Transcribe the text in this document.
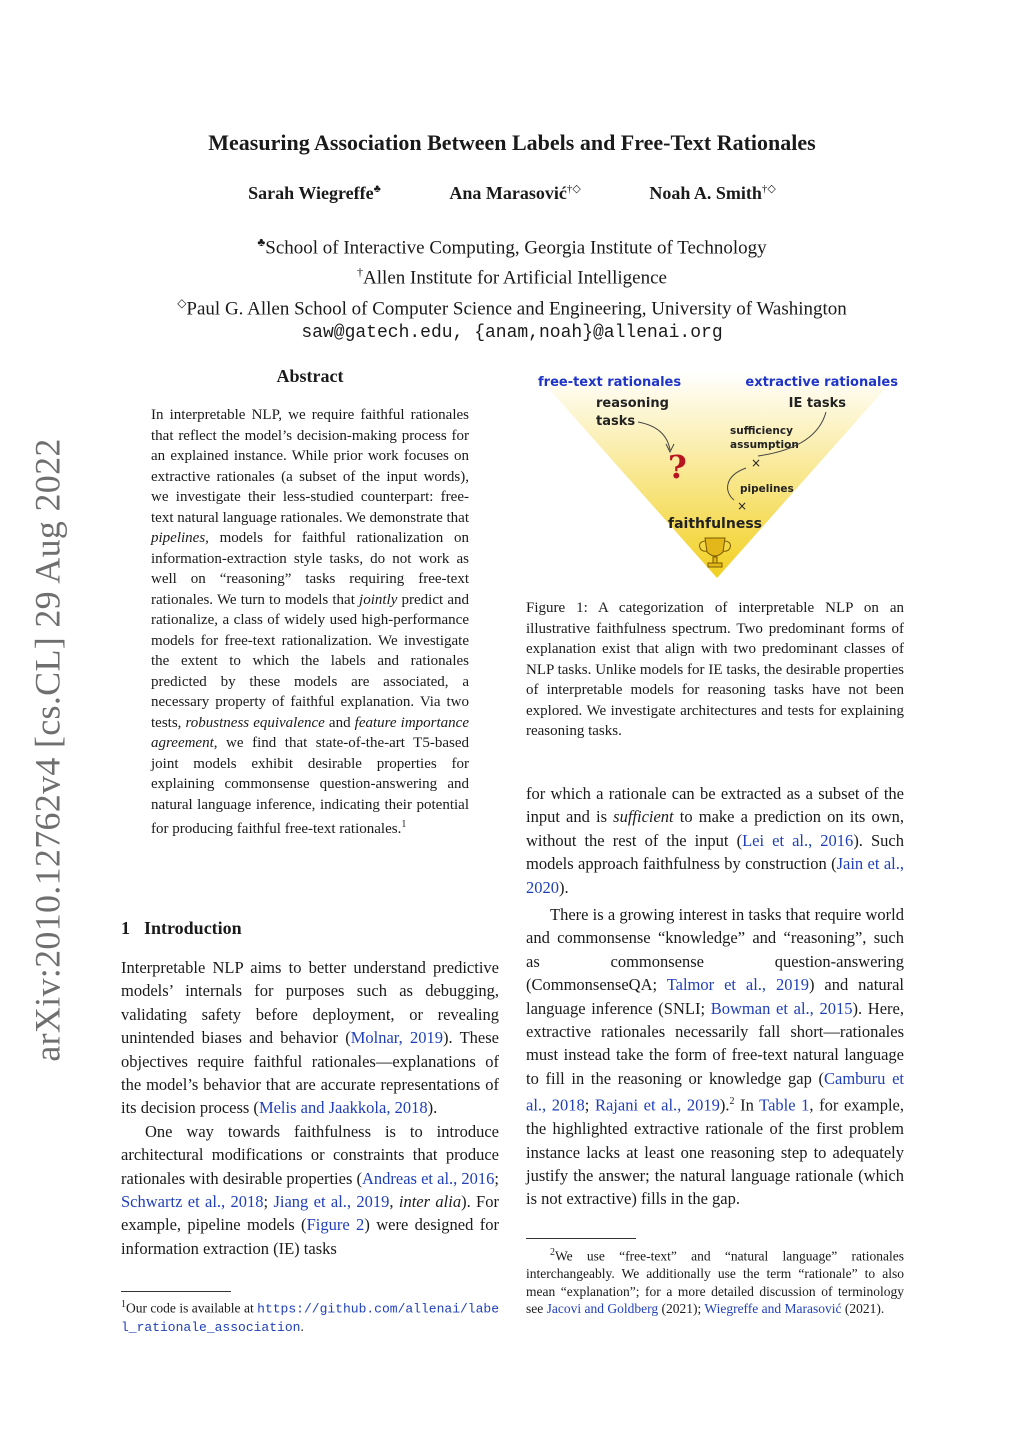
arXiv:2010.12762v4 [cs.CL] 29 Aug 2022
Measuring Association Between Labels and Free-Text Rationales
Sarah Wiegreffe♣	Ana Marasović†◇	Noah A. Smith†◇
♣School of Interactive Computing, Georgia Institute of Technology
†Allen Institute for Artificial Intelligence
◇Paul G. Allen School of Computer Science and Engineering, University of Washington
saw@gatech.edu, {anam,noah}@allenai.org
Abstract
In interpretable NLP, we require faithful rationales that reflect the model’s decision-making process for an explained instance. While prior work focuses on extractive rationales (a subset of the input words), we investigate their less-studied counterpart: free-text natural language rationales. We demonstrate that pipelines, models for faithful rationalization on information-extraction style tasks, do not work as well on “reasoning” tasks requiring free-text rationales. We turn to models that jointly predict and rationalize, a class of widely used high-performance models for free-text rationalization. We investigate the extent to which the labels and rationales predicted by these models are associated, a necessary property of faithful explanation. Via two tests, robustness equivalence and feature importance agreement, we find that state-of-the-art T5-based joint models exhibit desirable properties for explaining commonsense question-answering and natural language inference, indicating their potential for producing faithful free-text rationales.$^1$
1 Introduction

Interpretable NLP aims to better understand predictive models’ internals for purposes such as debugging, validating safety before deployment, or revealing unintended biases and behavior (Molnar, 2019). These objectives require faithful rationales—explanations of the model’s behavior that are accurate representations of its decision process (Melis and Jaakkola, 2018).

One way towards faithfulness is to introduce architectural modifications or constraints that produce rationales with desirable properties (Andreas et al., 2016; Schwartz et al., 2018; Jiang et al., 2019, inter alia). For example, pipeline models (Figure 2) were designed for information extraction (IE) tasks

$^1$Our code is available at https://github.com/allenai/label_rationale_association.
free-text rationales	extractive rationales
reasoning
tasks
IE tasks
?
sufficiency
assumption
×
pipelines
×
faithfulness
Figure 1: A categorization of interpretable NLP on an illustrative faithfulness spectrum. Two predominant forms of explanation exist that align with two predominant classes of NLP tasks. Unlike models for IE tasks, the desirable properties of interpretable models for reasoning tasks have not been explored. We investigate architectures and tests for explaining reasoning tasks.

for which a rationale can be extracted as a subset of the input and is sufficient to make a prediction on its own, without the rest of the input (Lei et al., 2016). Such models approach faithfulness by construction (Jain et al., 2020).

There is a growing interest in tasks that require world and commonsense “knowledge” and “reasoning”, such as commonsense question-answering (CommonsenseQA; Talmor et al., 2019) and natural language inference (SNLI; Bowman et al., 2015). Here, extractive rationales necessarily fall short—rationales must instead take the form of free-text natural language to fill in the reasoning or knowledge gap (Camburu et al., 2018; Rajani et al., 2019).$^2$ In Table 1, for example, the highlighted extractive rationale of the first problem instance lacks at least one reasoning step to adequately justify the answer; the natural language rationale (which is not extractive) fills in the gap.

$^2$We use “free-text” and “natural language” rationales interchangeably. We additionally use the term “rationale” to also mean “explanation”; for a more detailed discussion of terminology see Jacovi and Goldberg (2021); Wiegreffe and Marasović (2021).
